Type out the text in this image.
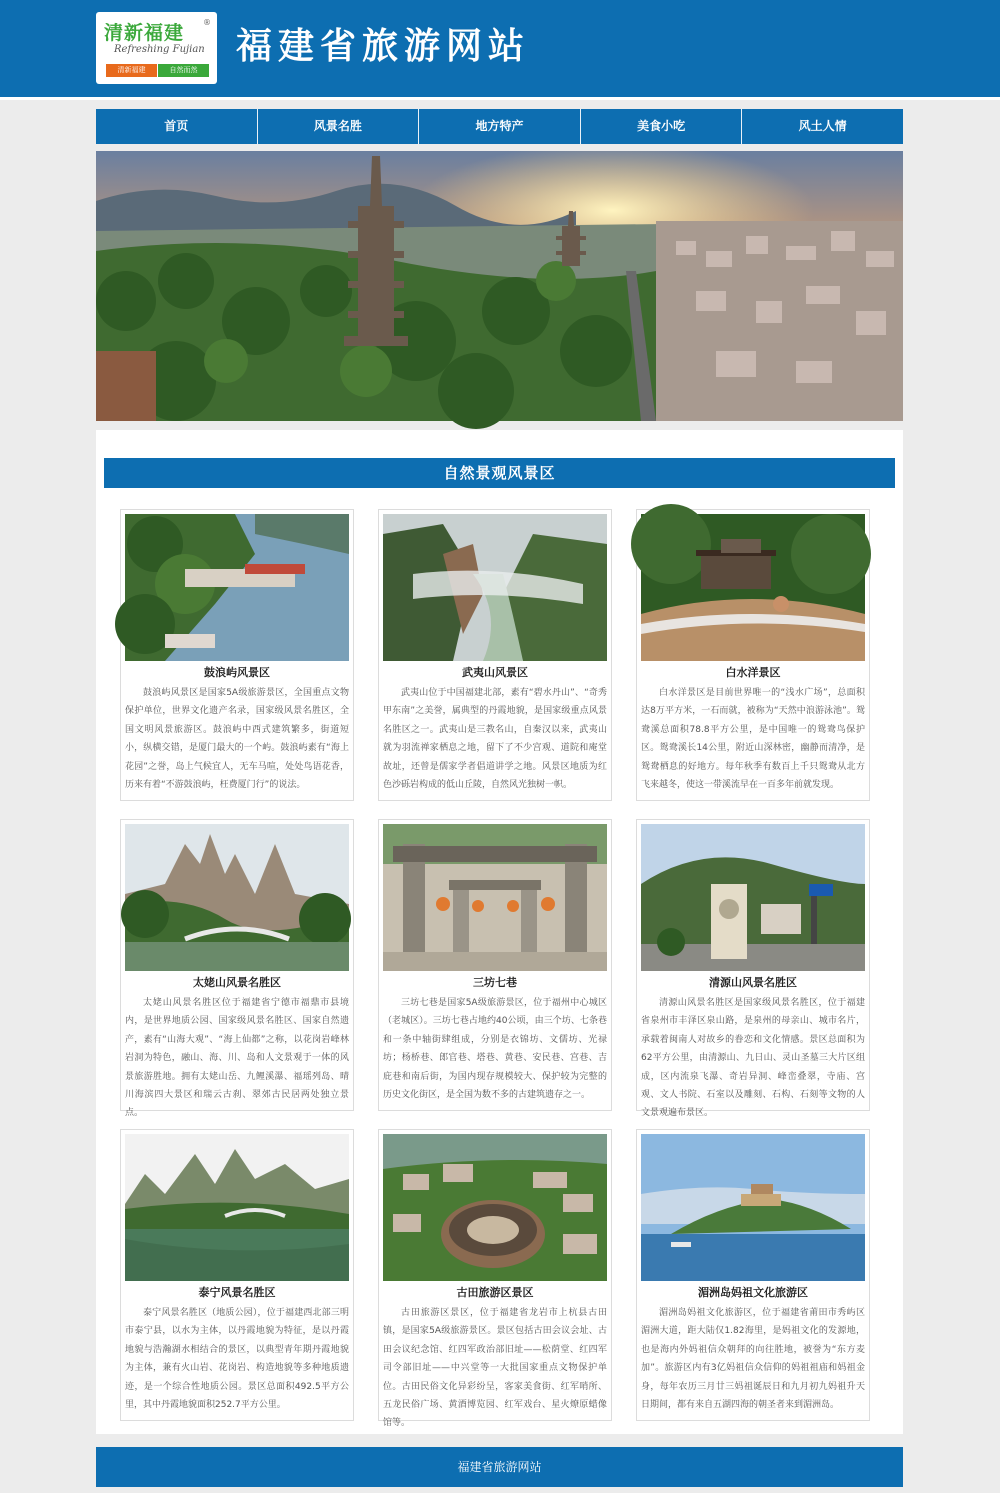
清新福建 ®
Refreshing Fujian
清新福建	自然而然
福建省旅游网站
首页	风景名胜	地方特产	美食小吃	风土人情
自然景观风景区
鼓浪屿风景区

鼓浪屿风景区是国家5A级旅游景区，全国重点文物保护单位，世界文化遗产名录，国家级风景名胜区，全国文明风景旅游区。鼓浪屿中西式建筑繁多，街道短小，纵横交错，是厦门最大的一个屿。鼓浪屿素有“海上花园”之誉，岛上气候宜人，无车马喧，处处鸟语花香，历来有着“不游鼓浪屿，枉费厦门行”的说法。

武夷山风景区

武夷山位于中国福建北部，素有“碧水丹山”、“奇秀甲东南”之美誉，属典型的丹霞地貌，是国家级重点风景名胜区之一。武夷山是三教名山，自秦汉以来，武夷山就为羽流禅家栖息之地，留下了不少宫观、道院和庵堂故址，还曾是儒家学者倡道讲学之地。风景区地质为红色沙砾岩构成的低山丘陵，自然风光独树一帜。

白水洋景区

白水洋景区是目前世界唯一的“浅水广场”，总面积达8万平方米，一石而就，被称为“天然中浪游泳池”。鸳鸯溪总面积78.8平方公里，是中国唯一的鸳鸯鸟保护区。鸳鸯溪长14公里，附近山深林密，幽静而清净，是鸳鸯栖息的好地方。每年秋季有数百上千只鸳鸯从北方飞来越冬，使这一带溪流早在一百多年前就发现。

太姥山风景名胜区

太姥山风景名胜区位于福建省宁德市福鼎市县境内，是世界地质公园、国家级风景名胜区、国家自然遗产，素有“山海大观”、“海上仙都”之称，以花岗岩峰林岩洞为特色，融山、海、川、岛和人文景观于一体的风景旅游胜地。拥有太姥山岳、九鲤溪瀑、福瑶列岛、晴川海滨四大景区和瑞云古刹、翠郊古民居两处独立景点。

三坊七巷

三坊七巷是国家5A级旅游景区，位于福州中心城区（老城区）。三坊七巷占地约40公顷，由三个坊、七条巷和一条中轴街肆组成，分别是衣锦坊、文儒坊、光禄坊；杨桥巷、郎官巷、塔巷、黄巷、安民巷、宫巷、吉庇巷和南后街，为国内现存规模较大、保护较为完整的历史文化街区，是全国为数不多的古建筑遗存之一。

清源山风景名胜区

清源山风景名胜区是国家级风景名胜区，位于福建省泉州市丰泽区泉山路，是泉州的母亲山、城市名片，承载着闽南人对故乡的眷恋和文化情感。景区总面积为62平方公里，由清源山、九日山、灵山圣墓三大片区组成，区内流泉飞瀑、奇岩异洞、峰峦叠翠，寺庙、宫观、文人书院、石室以及雕刻、石构、石刻等文物的人文景观遍布景区。

泰宁风景名胜区

泰宁风景名胜区（地质公园），位于福建西北部三明市泰宁县，以水为主体，以丹霞地貌为特征，是以丹霞地貌与浩瀚湖水相结合的景区，以典型青年期丹霞地貌为主体，兼有火山岩、花岗岩、构造地貌等多种地质遗迹，是一个综合性地质公园。景区总面积492.5平方公里，其中丹霞地貌面积252.7平方公里。

古田旅游区景区

古田旅游区景区，位于福建省龙岩市上杭县古田镇，是国家5A级旅游景区。景区包括古田会议会址、古田会议纪念馆、红四军政治部旧址——松荫堂、红四军司令部旧址——中兴堂等一大批国家重点文物保护单位。古田民俗文化异彩纷呈，客家美食街、红军哨所、五龙民俗广场、黄酒博览园、红军戏台、星火燎原蜡像馆等。

湄洲岛妈祖文化旅游区

湄洲岛妈祖文化旅游区，位于福建省莆田市秀屿区湄洲大道，距大陆仅1.82海里，是妈祖文化的发源地，也是海内外妈祖信众朝拜的向往胜地，被誉为“东方麦加”。旅游区内有3亿妈祖信众信仰的妈祖祖庙和妈祖金身，每年农历三月廿三妈祖诞辰日和九月初九妈祖升天日期间，都有来自五湖四海的朝圣者来到湄洲岛。

福建省旅游网站
